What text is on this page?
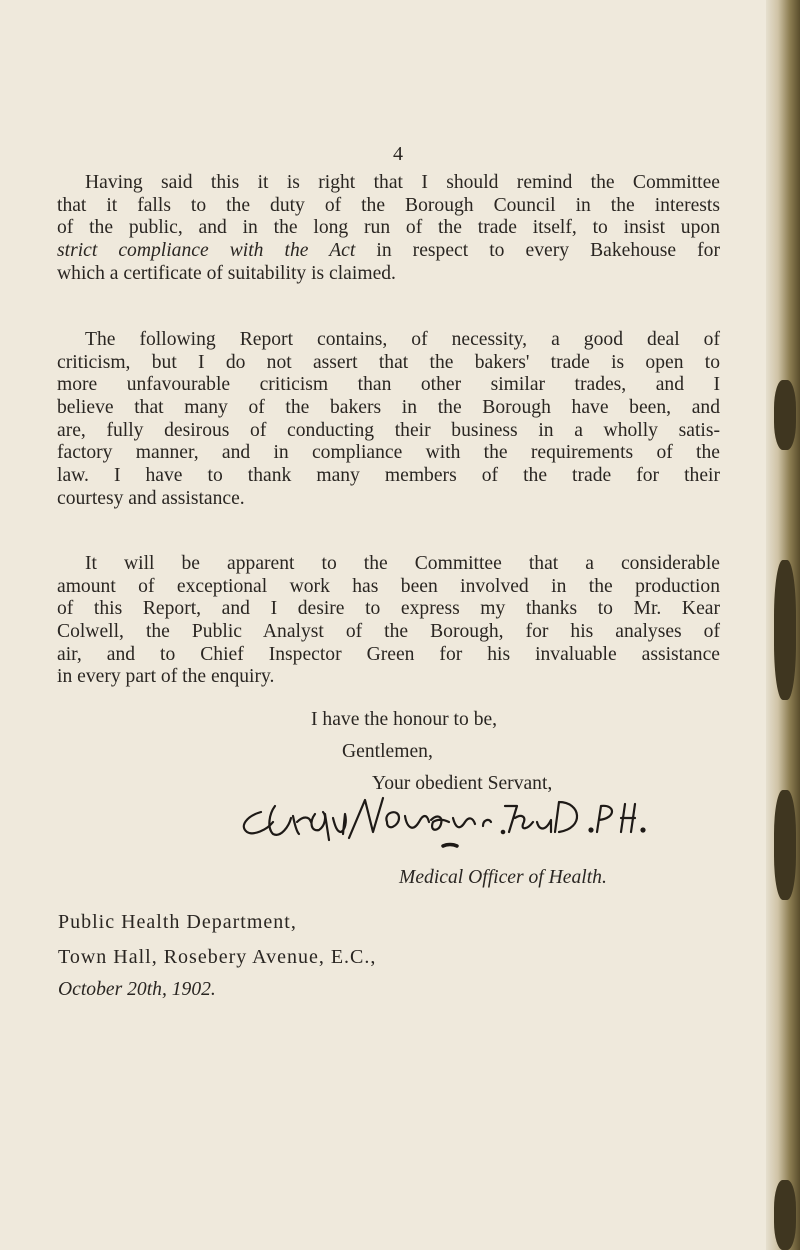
4
Having said this it is right that I should remind the Committee
that it falls to the duty of the Borough Council in the interests
of the public, and in the long run of the trade itself, to insist upon
strict compliance with the Act in respect to every Bakehouse for
which a certificate of suitability is claimed.
The following Report contains, of necessity, a good deal of
criticism, but I do not assert that the bakers' trade is open to
more unfavourable criticism than other similar trades, and I
believe that many of the bakers in the Borough have been, and
are, fully desirous of conducting their business in a wholly satis-
factory manner, and in compliance with the requirements of the
law. I have to thank many members of the trade for their
courtesy and assistance.
It will be apparent to the Committee that a considerable
amount of exceptional work has been involved in the production
of this Report, and I desire to express my thanks to Mr. Kear
Colwell, the Public Analyst of the Borough, for his analyses of
air, and to Chief Inspector Green for his invaluable assistance
in every part of the enquiry.
I have the honour to be,
Gentlemen,
Your obedient Servant,
Medical Officer of Health.
Public Health Department,
Town Hall, Rosebery Avenue, E.C.,
October 20th, 1902.
